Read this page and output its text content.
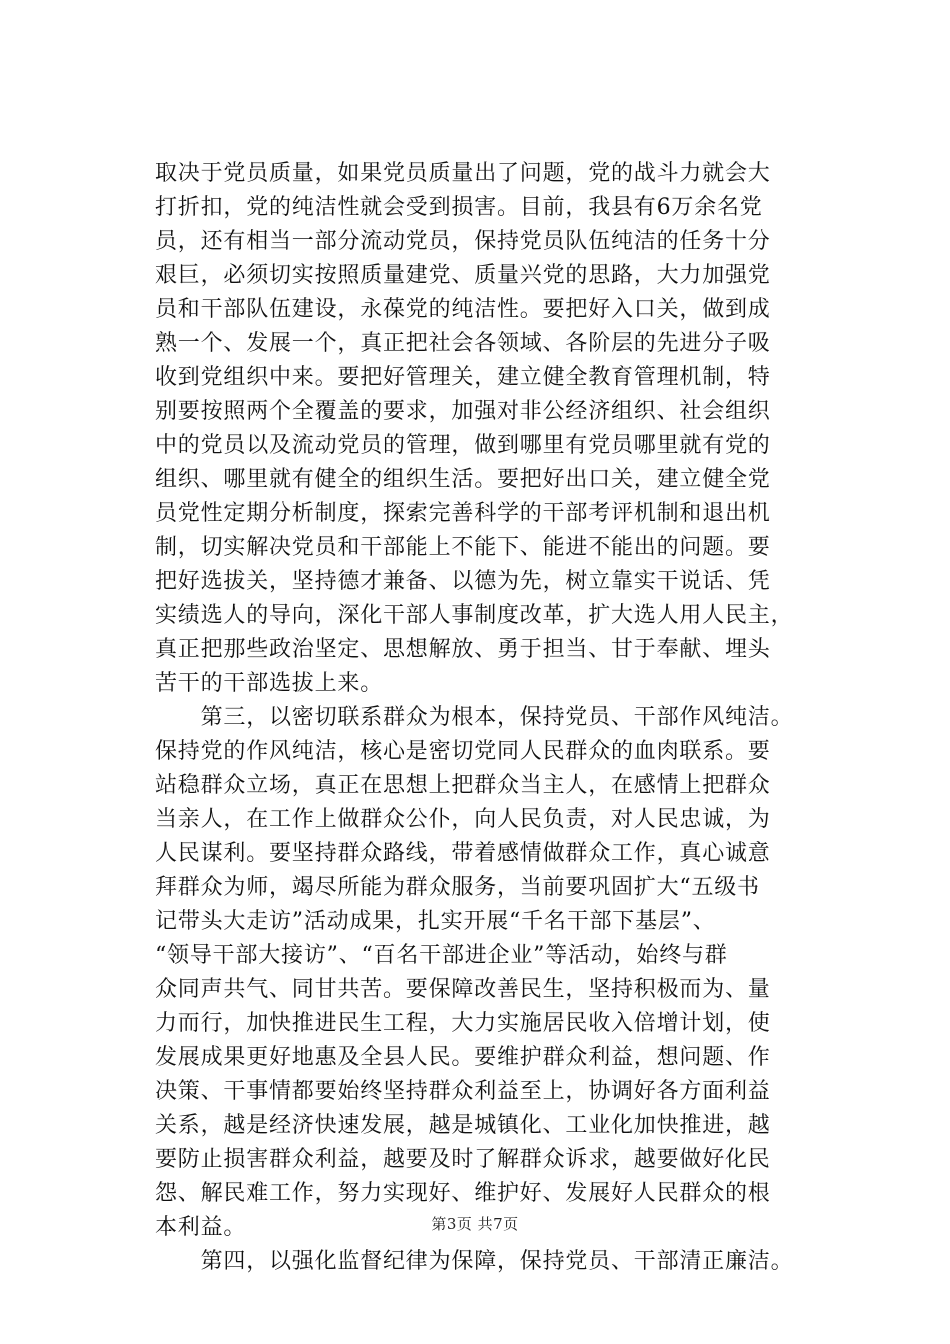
取决于党员质量，如果党员质量出了问题，党的战斗力就会大
打折扣，党的纯洁性就会受到损害。目前，我县有6万余名党
员，还有相当一部分流动党员，保持党员队伍纯洁的任务十分
艰巨，必须切实按照质量建党、质量兴党的思路，大力加强党
员和干部队伍建设，永葆党的纯洁性。要把好入口关，做到成
熟一个、发展一个，真正把社会各领域、各阶层的先进分子吸
收到党组织中来。要把好管理关，建立健全教育管理机制，特
别要按照两个全覆盖的要求，加强对非公经济组织、社会组织
中的党员以及流动党员的管理，做到哪里有党员哪里就有党的
组织、哪里就有健全的组织生活。要把好出口关，建立健全党
员党性定期分析制度，探索完善科学的干部考评机制和退出机
制，切实解决党员和干部能上不能下、能进不能出的问题。要
把好选拔关，坚持德才兼备、以德为先，树立靠实干说话、凭
实绩选人的导向，深化干部人事制度改革，扩大选人用人民主，
真正把那些政治坚定、思想解放、勇于担当、甘于奉献、埋头
苦干的干部选拔上来。
　　第三，以密切联系群众为根本，保持党员、干部作风纯洁。
保持党的作风纯洁，核心是密切党同人民群众的血肉联系。要
站稳群众立场，真正在思想上把群众当主人，在感情上把群众
当亲人，在工作上做群众公仆，向人民负责，对人民忠诚，为
人民谋利。要坚持群众路线，带着感情做群众工作，真心诚意
拜群众为师，竭尽所能为群众服务，当前要巩固扩大“五级书
记带头大走访”活动成果，扎实开展“千名干部下基层”、
“领导干部大接访”、“百名干部进企业”等活动，始终与群
众同声共气、同甘共苦。要保障改善民生，坚持积极而为、量
力而行，加快推进民生工程，大力实施居民收入倍增计划，使
发展成果更好地惠及全县人民。要维护群众利益，想问题、作
决策、干事情都要始终坚持群众利益至上，协调好各方面利益
关系，越是经济快速发展，越是城镇化、工业化加快推进，越
要防止损害群众利益，越要及时了解群众诉求，越要做好化民
怨、解民难工作，努力实现好、维护好、发展好人民群众的根
本利益。
　　第四，以强化监督纪律为保障，保持党员、干部清正廉洁。
第3页 共7页
